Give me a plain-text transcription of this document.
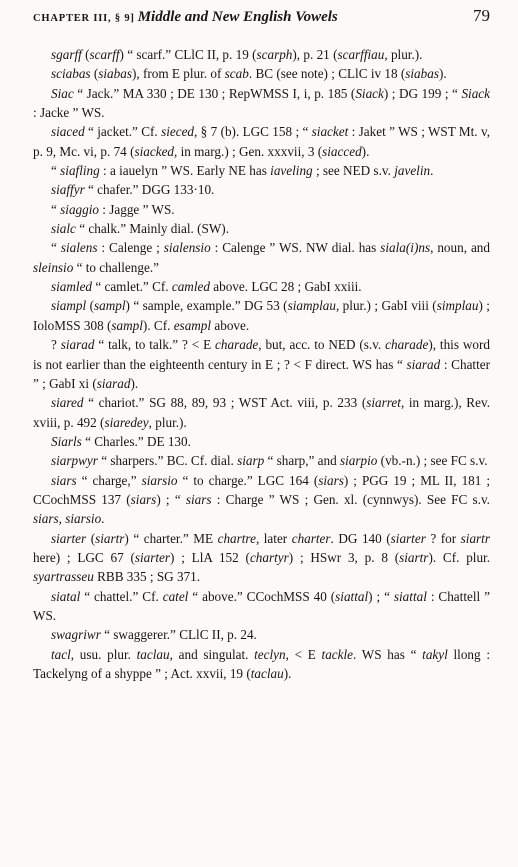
CHAPTER III, § 9] Middle and New English Vowels	79

sgarff (scarff) “ scarf.” CLlC II, p. 19 (scarph), p. 21 (scarffiau, plur.).

sciabas (siabas), from E plur. of scab. BC (see note) ; CLlC iv 18 (siabas).

Siac “ Jack.” MA 330 ; DE 130 ; RepWMSS I, i, p. 185 (Siack) ; DG 199 ; “ Siack : Jacke ” WS.

siaced “ jacket.” Cf. sieced, § 7 (b). LGC 158 ; “ siacket : Jaket ” WS ; WST Mt. v, p. 9, Mc. vi, p. 74 (siacked, in marg.) ; Gen. xxxvii, 3 (siacced).

“ siafling : a iauelyn ” WS. Early NE has iaveling ; see NED s.v. javelin.

siaffyr “ chafer.” DGG 133·10.

“ siaggio : Jagge ” WS.

sialc “ chalk.” Mainly dial. (SW).

“ sialens : Calenge ; sialensio : Calenge ” WS. NW dial. has siala(i)ns, noun, and sleinsio “ to challenge.”

siamled “ camlet.” Cf. camled above. LGC 28 ; GabI xxiii.

siampl (sampl) “ sample, example.” DG 53 (siamplau, plur.) ; GabI viii (simplau) ; IoloMSS 308 (sampl). Cf. esampl above.

? siarad “ talk, to talk.” ? < E charade, but, acc. to NED (s.v. charade), this word is not earlier than the eighteenth century in E ; ? < F direct. WS has “ siarad : Chatter ” ; GabI xi (siarad).

siared “ chariot.” SG 88, 89, 93 ; WST Act. viii, p. 233 (siarret, in marg.), Rev. xviii, p. 492 (siaredey, plur.).

Siarls “ Charles.” DE 130.

siarpwyr “ sharpers.” BC. Cf. dial. siarp “ sharp,” and siarpio (vb.-n.) ; see FC s.v.

siars “ charge,” siarsio “ to charge.” LGC 164 (siars) ; PGG 19 ; ML II, 181 ; CCochMSS 137 (siars) ; “ siars : Charge ” WS ; Gen. xl. (cynnwys). See FC s.v. siars, siarsio.

siarter (siartr) “ charter.” ME chartre, later charter. DG 140 (siarter ? for siartr here) ; LGC 67 (siarter) ; LlA 152 (chartyr) ; HSwr 3, p. 8 (siartr). Cf. plur. syartrasseu RBB 335 ; SG 371.

siatal “ chattel.” Cf. catel “ above.” CCochMSS 40 (siattal) ; “ siattal : Chattell ” WS.

swagriwr “ swaggerer.” CLlC II, p. 24.

tacl, usu. plur. taclau, and singulat. teclyn, < E tackle. WS has “ takyl llong : Tackelyng of a shyppe ” ; Act. xxvii, 19 (taclau).
